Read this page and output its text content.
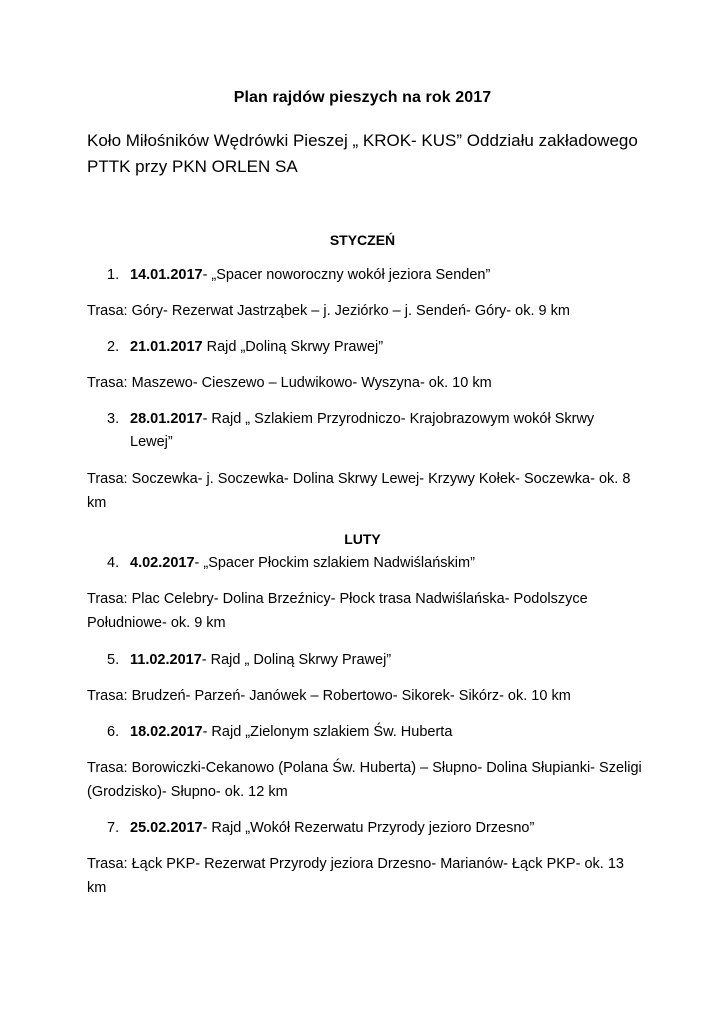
Plan rajdów pieszych na rok 2017
Koło Miłośników Wędrówki Pieszej „ KROK- KUS” Oddziału zakładowego PTTK przy PKN ORLEN SA
STYCZEŃ
1. 14.01.2017- „Spacer noworoczny wokół jeziora Senden”
Trasa: Góry- Rezerwat Jastrząbek – j. Jeziórko – j. Sendeń- Góry- ok. 9 km
2. 21.01.2017 Rajd „Doliną Skrwy Prawej”
Trasa: Maszewo- Cieszewo – Ludwikowo- Wyszyna- ok. 10 km
3. 28.01.2017- Rajd „ Szlakiem Przyrodniczo- Krajobrazowym wokół Skrwy Lewej”
Trasa: Soczewka- j. Soczewka- Dolina Skrwy Lewej- Krzywy Kołek- Soczewka- ok. 8 km
LUTY
4. 4.02.2017- „Spacer Płockim szlakiem Nadwiślańskim”
Trasa: Plac Celebry- Dolina Brzeźnicy- Płock trasa Nadwiślańska- Podolszyce Południowe- ok. 9 km
5. 11.02.2017- Rajd „ Doliną Skrwy Prawej”
Trasa: Brudzeń- Parzeń- Janówek – Robertowo- Sikorek- Sikórz- ok. 10 km
6. 18.02.2017- Rajd „Zielonym szlakiem Św. Huberta
Trasa: Borowiczki-Cekanowo (Polana Św. Huberta) – Słupno- Dolina Słupianki- Szeligi (Grodzisko)- Słupno- ok. 12 km
7. 25.02.2017- Rajd „Wokół Rezerwatu Przyrody jezioro Drzesno”
Trasa: Łąck PKP- Rezerwat Przyrody jeziora Drzesno- Marianów- Łąck PKP- ok. 13 km
